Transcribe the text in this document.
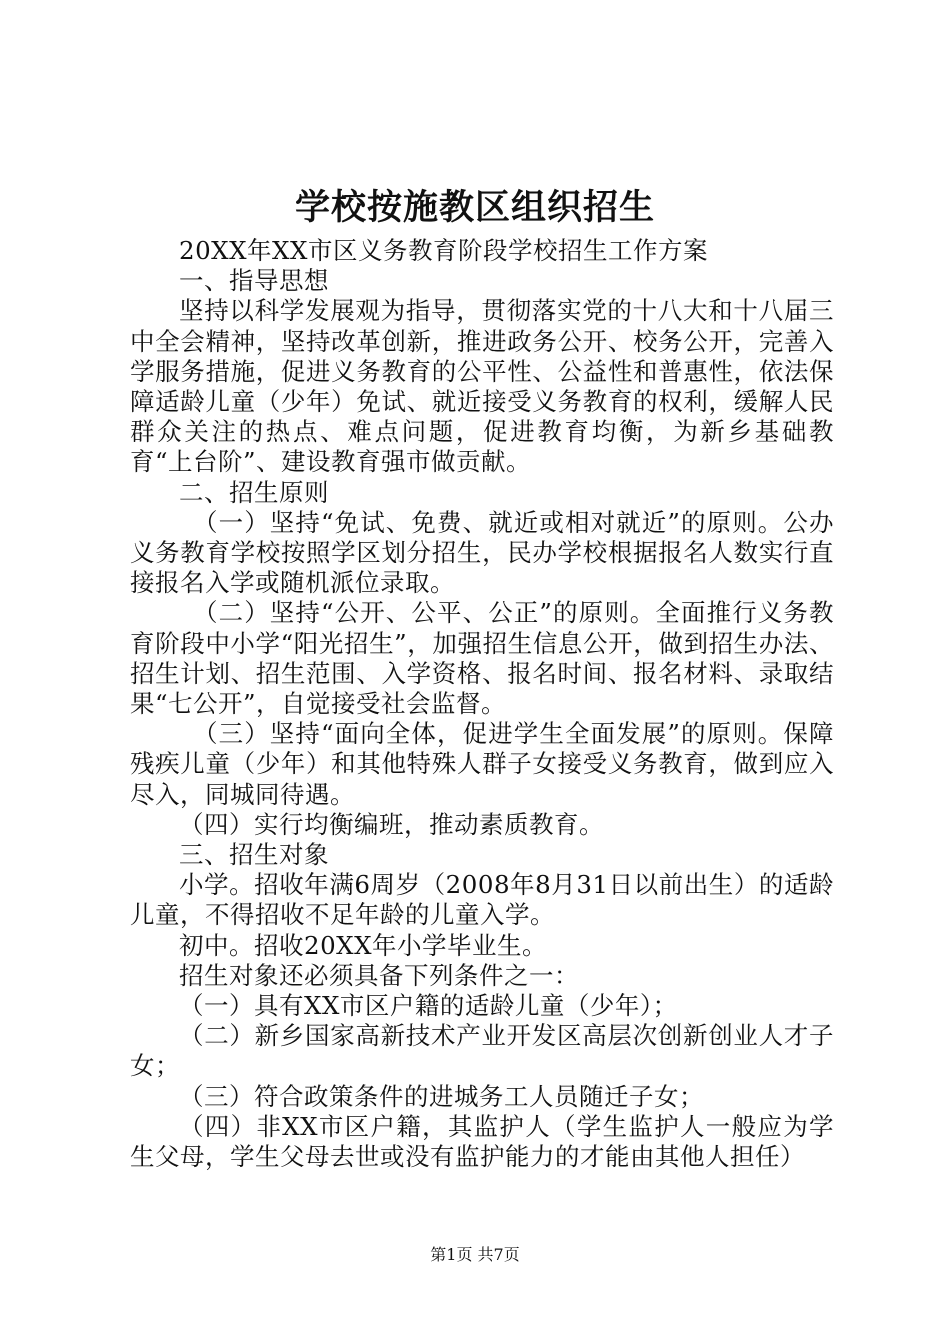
学校按施教区组织招生

20XX年XX市区义务教育阶段学校招生工作方案

一、指导思想

坚持以科学发展观为指导，贯彻落实党的十八大和十八届三中全会精神，坚持改革创新，推进政务公开、校务公开，完善入学服务措施，促进义务教育的公平性、公益性和普惠性，依法保障适龄儿童（少年）免试、就近接受义务教育的权利，缓解人民群众关注的热点、难点问题，促进教育均衡，为新乡基础教育“上台阶”、建设教育强市做贡献。

二、招生原则

（一）坚持“免试、免费、就近或相对就近”的原则。公办义务教育学校按照学区划分招生，民办学校根据报名人数实行直接报名入学或随机派位录取。

（二）坚持“公开、公平、公正”的原则。全面推行义务教育阶段中小学“阳光招生”，加强招生信息公开，做到招生办法、招生计划、招生范围、入学资格、报名时间、报名材料、录取结果“七公开”，自觉接受社会监督。

（三）坚持“面向全体，促进学生全面发展”的原则。保障残疾儿童（少年）和其他特殊人群子女接受义务教育，做到应入尽入，同城同待遇。

（四）实行均衡编班，推动素质教育。

三、招生对象

小学。招收年满6周岁（2008年8月31日以前出生）的适龄儿童，不得招收不足年龄的儿童入学。

初中。招收20XX年小学毕业生。

招生对象还必须具备下列条件之一：

（一）具有XX市区户籍的适龄儿童（少年）；

（二）新乡国家高新技术产业开发区高层次创新创业人才子女；

（三）符合政策条件的进城务工人员随迁子女；

（四）非XX市区户籍，其监护人（学生监护人一般应为学生父母，学生父母去世或没有监护能力的才能由其他人担任）

第1页 共7页
